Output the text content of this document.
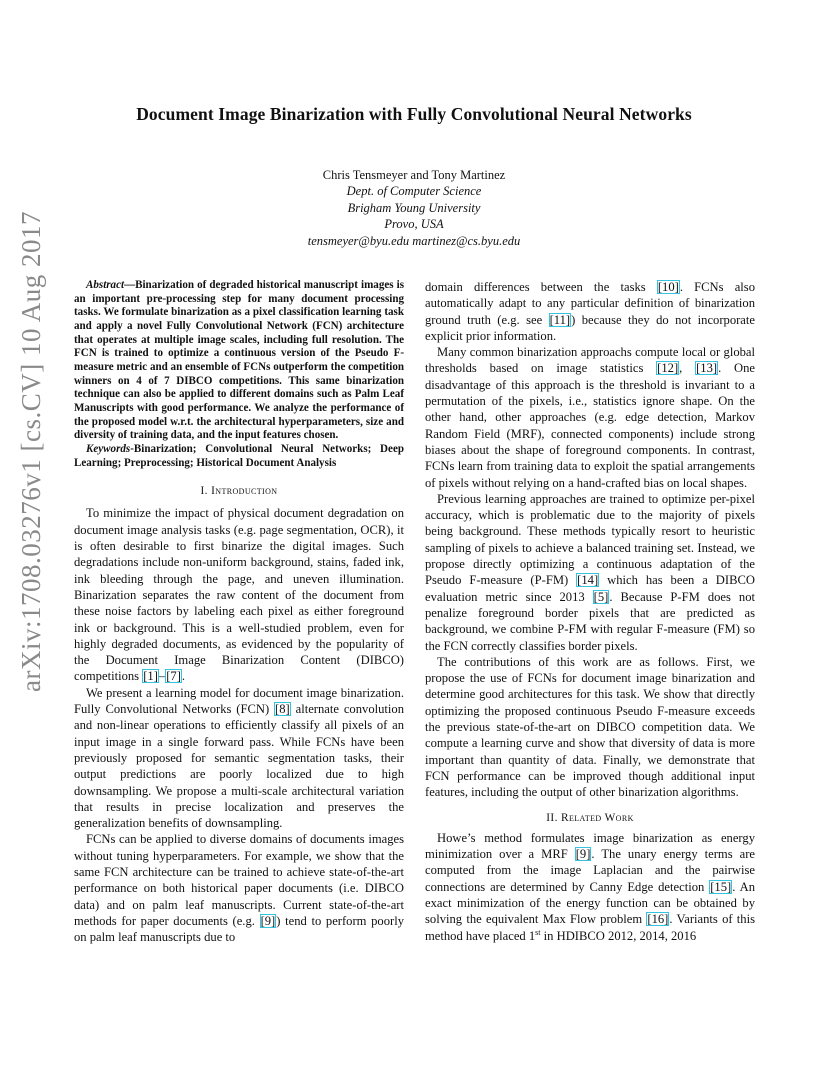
Document Image Binarization with Fully Convolutional Neural Networks
Chris Tensmeyer and Tony Martinez
Dept. of Computer Science
Brigham Young University
Provo, USA
tensmeyer@byu.edu martinez@cs.byu.edu
arXiv:1708.03276v1 [cs.CV] 10 Aug 2017	Abstract—Binarization of degraded historical manuscript images is an important pre-processing step for many document processing tasks. We formulate binarization as a pixel classification learning task and apply a novel Fully Convolutional Network (FCN) architecture that operates at multiple image scales, including full resolution. The FCN is trained to optimize a continuous version of the Pseudo F-measure metric and an ensemble of FCNs outperform the competition winners on 4 of 7 DIBCO competitions. This same binarization technique can also be applied to different domains such as Palm Leaf Manuscripts with good performance. We analyze the performance of the proposed model w.r.t. the architectural hyperparameters, size and diversity of training data, and the input features chosen.

Keywords-Binarization; Convolutional Neural Networks; Deep Learning; Preprocessing; Historical Document Analysis

I. Introduction

To minimize the impact of physical document degradation on document image analysis tasks (e.g. page segmentation, OCR), it is often desirable to first binarize the digital images. Such degradations include non-uniform background, stains, faded ink, ink bleeding through the page, and uneven illumination. Binarization separates the raw content of the document from these noise factors by labeling each pixel as either foreground ink or background. This is a well-studied problem, even for highly degraded documents, as evidenced by the popularity of the Document Image Binarization Content (DIBCO) competitions [1]–[7].

We present a learning model for document image binarization. Fully Convolutional Networks (FCN) [8] alternate convolution and non-linear operations to efficiently classify all pixels of an input image in a single forward pass. While FCNs have been previously proposed for semantic segmentation tasks, their output predictions are poorly localized due to high downsampling. We propose a multi-scale architectural variation that results in precise localization and preserves the generalization benefits of downsampling.

FCNs can be applied to diverse domains of documents images without tuning hyperparameters. For example, we show that the same FCN architecture can be trained to achieve state-of-the-art performance on both historical paper documents (i.e. DIBCO data) and on palm leaf manuscripts. Current state-of-the-art methods for paper documents (e.g. [9]) tend to perform poorly on palm leaf manuscripts due to

domain differences between the tasks [10]. FCNs also automatically adapt to any particular definition of binarization ground truth (e.g. see [11]) because they do not incorporate explicit prior information.

Many common binarization approachs compute local or global thresholds based on image statistics [12], [13]. One disadvantage of this approach is the threshold is invariant to a permutation of the pixels, i.e., statistics ignore shape. On the other hand, other approaches (e.g. edge detection, Markov Random Field (MRF), connected components) include strong biases about the shape of foreground components. In contrast, FCNs learn from training data to exploit the spatial arrangements of pixels without relying on a hand-crafted bias on local shapes.

Previous learning approaches are trained to optimize per-pixel accuracy, which is problematic due to the majority of pixels being background. These methods typically resort to heuristic sampling of pixels to achieve a balanced training set. Instead, we propose directly optimizing a continuous adaptation of the Pseudo F-measure (P-FM) [14] which has been a DIBCO evaluation metric since 2013 [5]. Because P-FM does not penalize foreground border pixels that are predicted as background, we combine P-FM with regular F-measure (FM) so the FCN correctly classifies border pixels.

The contributions of this work are as follows. First, we propose the use of FCNs for document image binarization and determine good architectures for this task. We show that directly optimizing the proposed continuous Pseudo F-measure exceeds the previous state-of-the-art on DIBCO competition data. We compute a learning curve and show that diversity of data is more important than quantity of data. Finally, we demonstrate that FCN performance can be improved though additional input features, including the output of other binarization algorithms.

II. Related Work

Howe’s method formulates image binarization as energy minimization over a MRF [9]. The unary energy terms are computed from the image Laplacian and the pairwise connections are determined by Canny Edge detection [15]. An exact minimization of the energy function can be obtained by solving the equivalent Max Flow problem [16]. Variants of this method have placed 1st in HDIBCO 2012, 2014, 2016
